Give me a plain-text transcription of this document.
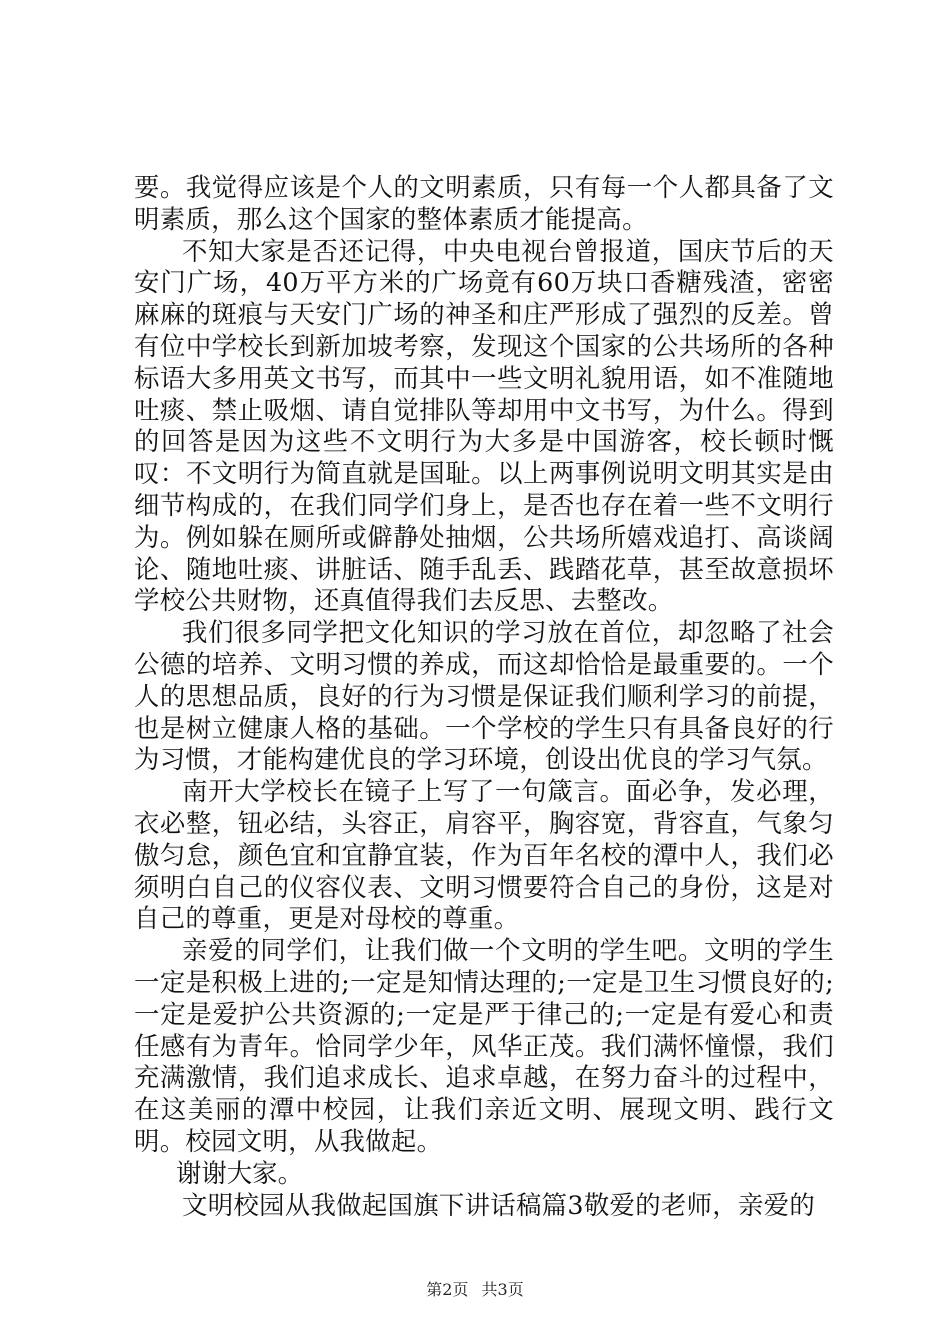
要。我觉得应该是个人的文明素质，只有每一个人都具备了文明素质，那么这个国家的整体素质才能提高。

不知大家是否还记得，中央电视台曾报道，国庆节后的天安门广场，40万平方米的广场竟有60万块口香糖残渣，密密麻麻的斑痕与天安门广场的神圣和庄严形成了强烈的反差。曾有位中学校长到新加坡考察，发现这个国家的公共场所的各种标语大多用英文书写，而其中一些文明礼貌用语，如不准随地吐痰、禁止吸烟、请自觉排队等却用中文书写，为什么。得到的回答是因为这些不文明行为大多是中国游客，校长顿时慨叹：不文明行为简直就是国耻。以上两事例说明文明其实是由细节构成的，在我们同学们身上，是否也存在着一些不文明行为。例如躲在厕所或僻静处抽烟，公共场所嬉戏追打、高谈阔论、随地吐痰、讲脏话、随手乱丢、践踏花草，甚至故意损坏学校公共财物，还真值得我们去反思、去整改。

我们很多同学把文化知识的学习放在首位，却忽略了社会公德的培养、文明习惯的养成，而这却恰恰是最重要的。一个人的思想品质，良好的行为习惯是保证我们顺利学习的前提，也是树立健康人格的基础。一个学校的学生只有具备良好的行为习惯，才能构建优良的学习环境，创设出优良的学习气氛。

南开大学校长在镜子上写了一句箴言。面必争，发必理，衣必整，钮必结，头容正，肩容平，胸容宽，背容直，气象匀傲匀怠，颜色宜和宜静宜装，作为百年名校的潭中人，我们必须明白自己的仪容仪表、文明习惯要符合自己的身份，这是对自己的尊重，更是对母校的尊重。

亲爱的同学们，让我们做一个文明的学生吧。文明的学生一定是积极上进的;一定是知情达理的;一定是卫生习惯良好的;一定是爱护公共资源的;一定是严于律己的;一定是有爱心和责任感有为青年。恰同学少年，风华正茂。我们满怀憧憬，我们充满激情，我们追求成长、追求卓越，在努力奋斗的过程中，在这美丽的潭中校园，让我们亲近文明、展现文明、践行文明。校园文明，从我做起。

谢谢大家。

文明校园从我做起国旗下讲话稿篇3敬爱的老师，亲爱的

第2页 共3页
